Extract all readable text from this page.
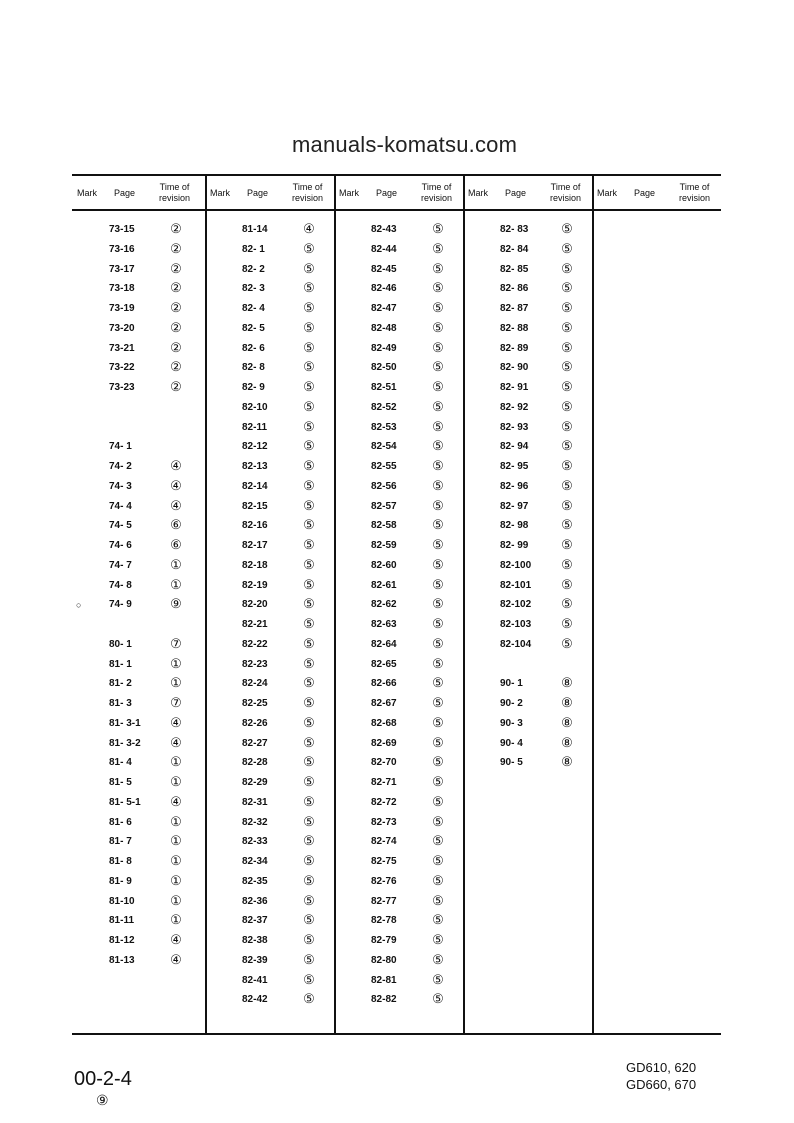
Mark	Page
Time of
revision
73-15	②
73-16	②
73-17	②
73-18	②
73-19	②
73-20	②
73-21	②
73-22	②
73-23	②
74- 1
74- 2	④
74- 3	④
74- 4	④
74- 5	⑥
74- 6	⑥
74- 7	①
74- 8	①
○	74- 9	⑨
80- 1	⑦
81- 1	①
81- 2	①
81- 3	⑦
81- 3-1	④
81- 3-2	④
81- 4	①
81- 5	①
81- 5-1	④
81- 6	①
81- 7	①
81- 8	①
81- 9	①
81-10	①
81-11	①
81-12	④
81-13	④
Mark	Page
Time of
revision
81-14	④
82- 1	⑤
82- 2	⑤
82- 3	⑤
82- 4	⑤
82- 5	⑤
82- 6	⑤
82- 8	⑤
82- 9	⑤
82-10	⑤
82-11	⑤
82-12	⑤
82-13	⑤
82-14	⑤
82-15	⑤
82-16	⑤
82-17	⑤
82-18	⑤
82-19	⑤
82-20	⑤
82-21	⑤
82-22	⑤
82-23	⑤
82-24	⑤
82-25	⑤
82-26	⑤
82-27	⑤
82-28	⑤
82-29	⑤
82-31	⑤
82-32	⑤
82-33	⑤
82-34	⑤
82-35	⑤
82-36	⑤
82-37	⑤
82-38	⑤
82-39	⑤
82-41	⑤
82-42	⑤
Mark	Page
Time of
revision
82-43	⑤
82-44	⑤
82-45	⑤
82-46	⑤
82-47	⑤
82-48	⑤
82-49	⑤
82-50	⑤
82-51	⑤
82-52	⑤
82-53	⑤
82-54	⑤
82-55	⑤
82-56	⑤
82-57	⑤
82-58	⑤
82-59	⑤
82-60	⑤
82-61	⑤
82-62	⑤
82-63	⑤
82-64	⑤
82-65	⑤
82-66	⑤
82-67	⑤
82-68	⑤
82-69	⑤
82-70	⑤
82-71	⑤
82-72	⑤
82-73	⑤
82-74	⑤
82-75	⑤
82-76	⑤
82-77	⑤
82-78	⑤
82-79	⑤
82-80	⑤
82-81	⑤
82-82	⑤
Mark	Page
Time of
revision
82- 83	⑤
82- 84	⑤
82- 85	⑤
82- 86	⑤
82- 87	⑤
82- 88	⑤
82- 89	⑤
82- 90	⑤
82- 91	⑤
82- 92	⑤
82- 93	⑤
82- 94	⑤
82- 95	⑤
82- 96	⑤
82- 97	⑤
82- 98	⑤
82- 99	⑤
82-100	⑤
82-101	⑤
82-102	⑤
82-103	⑤
82-104	⑤
90- 1	⑧
90- 2	⑧
90- 3	⑧
90- 4	⑧
90- 5	⑧
Mark	Page
Time of
revision
manuals-komatsu.com
00-2-4
⑨
GD610, 620
GD660, 670
